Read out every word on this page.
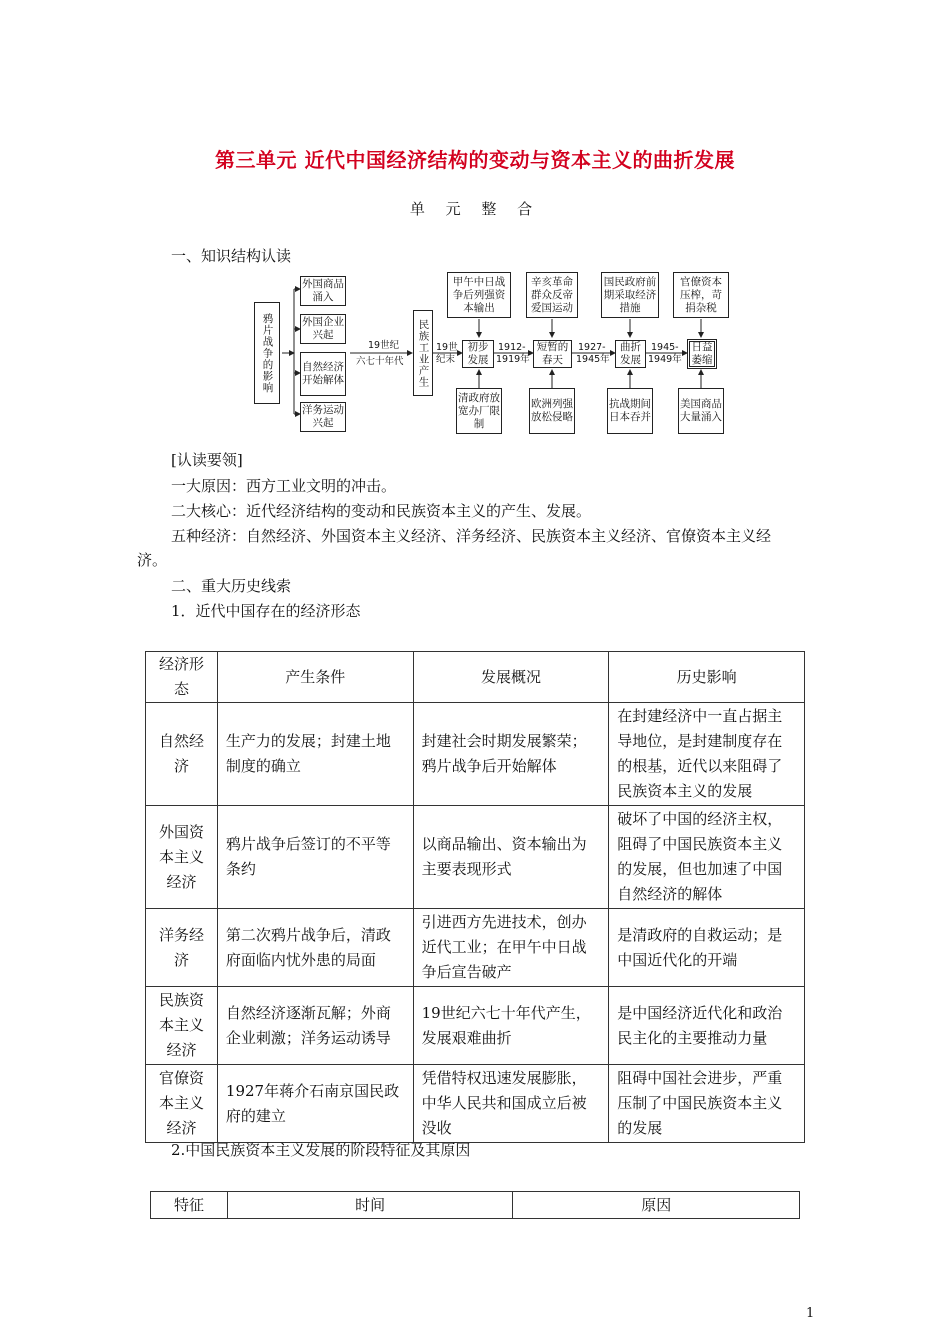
第三单元 近代中国经济结构的变动与资本主义的曲折发展
单 元 整 合
一、知识结构认读
鸦片战争的影响
外国商品涌入
外国企业兴起
自然经济开始解体
洋务运动兴起
19世纪
六七十年代	民族工业产生	初步发展
短暂的春天
曲折发展
日益萎缩
19世
纪末
1912-
1919年
1927-
1945年
1945-
1949年
甲午中日战争后列强资本输出
辛亥革命群众反帝爱国运动
国民政府前期采取经济措施
官僚资本压榨，苛捐杂税
清政府放宽办厂限制
欧洲列强放松侵略
抗战期间日本吞并
美国商品大量涌入
[认读要领]
一大原因：西方工业文明的冲击。
二大核心：近代经济结构的变动和民族资本主义的产生、发展。
五种经济：自然经济、外国资本主义经济、洋务经济、民族资本主义经济、官僚资本主义经
济。
二、重大历史线索
1．近代中国存在的经济形态
经济形态	产生条件	发展概况	历史影响
自然经济	生产力的发展；封建土地制度的确立	封建社会时期发展繁荣；鸦片战争后开始解体	在封建经济中一直占据主导地位，是封建制度存在的根基，近代以来阻碍了民族资本主义的发展
外国资本主义经济	鸦片战争后签订的不平等条约	以商品输出、资本输出为主要表现形式	破坏了中国的经济主权，阻碍了中国民族资本主义的发展，但也加速了中国自然经济的解体
洋务经济	第二次鸦片战争后，清政府面临内忧外患的局面	引进西方先进技术，创办近代工业；在甲午中日战争后宣告破产	是清政府的自救运动；是中国近代化的开端
民族资本主义经济	自然经济逐渐瓦解；外商企业刺激；洋务运动诱导	19世纪六七十年代产生，发展艰难曲折	是中国经济近代化和政治民主化的主要推动力量
官僚资本主义经济	1927年蒋介石南京国民政府的建立	凭借特权迅速发展膨胀，中华人民共和国成立后被没收	阻碍中国社会进步，严重压制了中国民族资本主义的发展
2.中国民族资本主义发展的阶段特征及其原因
特征	时间	原因
1
